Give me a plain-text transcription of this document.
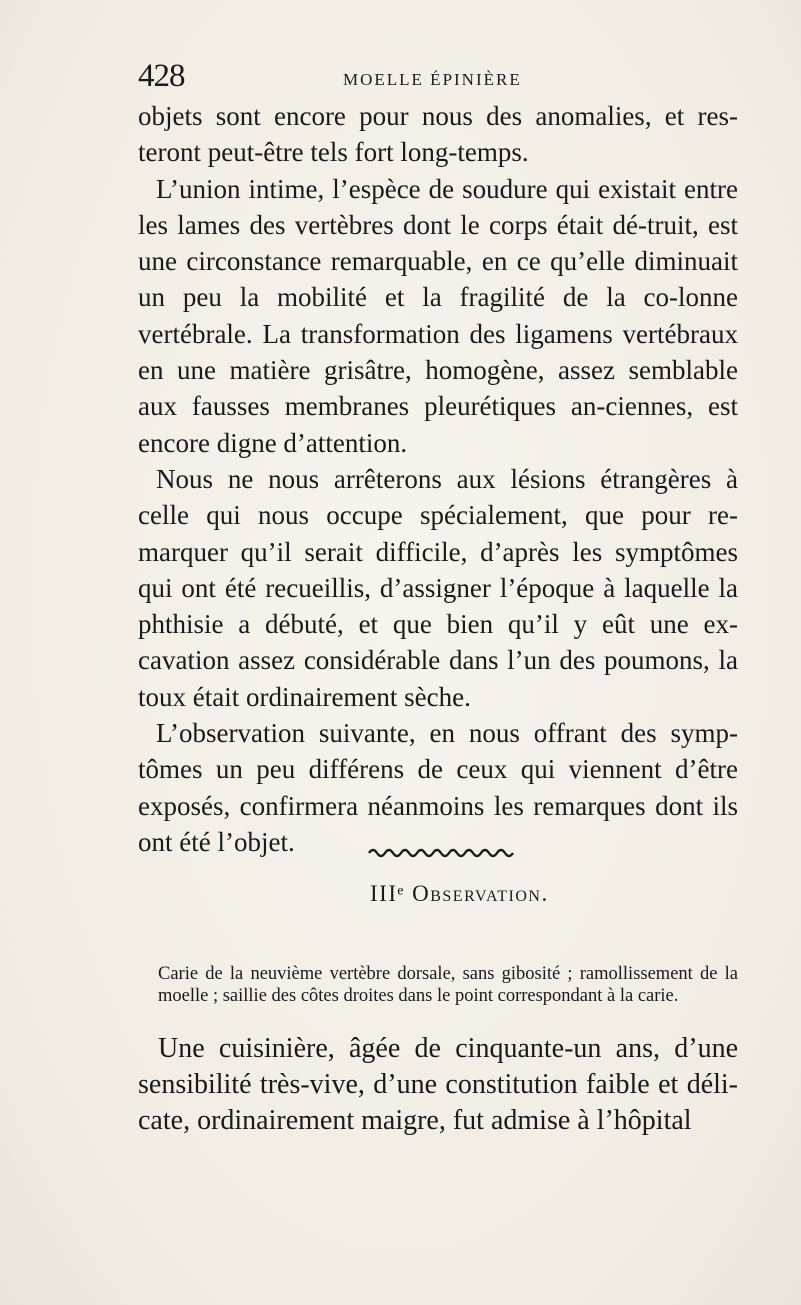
428	MOELLE ÉPINIÈRE

objets sont encore pour nous des anomalies, et res-teront peut-être tels fort long-temps.

L’union intime, l’espèce de soudure qui existait entre les lames des vertèbres dont le corps était dé-truit, est une circonstance remarquable, en ce qu’elle diminuait un peu la mobilité et la fragilité de la co-lonne vertébrale. La transformation des ligamens vertébraux en une matière grisâtre, homogène, assez semblable aux fausses membranes pleurétiques an-ciennes, est encore digne d’attention.

Nous ne nous arrêterons aux lésions étrangères à celle qui nous occupe spécialement, que pour re-marquer qu’il serait difficile, d’après les symptômes qui ont été recueillis, d’assigner l’époque à laquelle la phthisie a débuté, et que bien qu’il y eût une ex-cavation assez considérable dans l’un des poumons, la toux était ordinairement sèche.

L’observation suivante, en nous offrant des symp-tômes un peu différens de ceux qui viennent d’être exposés, confirmera néanmoins les remarques dont ils ont été l’objet.

IIIᵉ Observation.

Carie de la neuvième vertèbre dorsale, sans gibosité ; ramollissement de la moelle ; saillie des côtes droites dans le point correspondant à la carie.

Une cuisinière, âgée de cinquante-un ans, d’une sensibilité très-vive, d’une constitution faible et déli-cate, ordinairement maigre, fut admise à l’hôpital
